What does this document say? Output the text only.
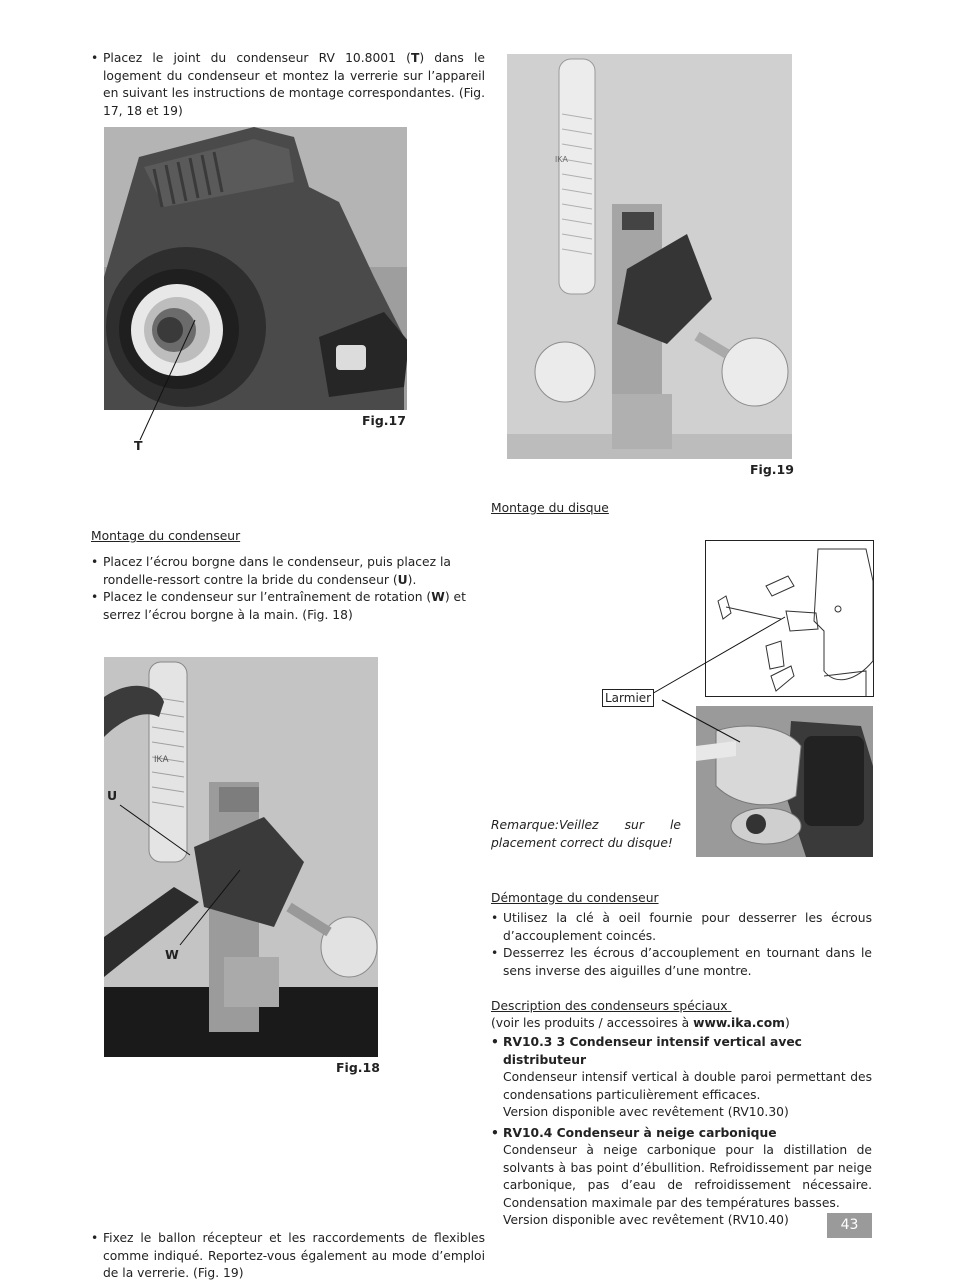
• Placez le joint du condenseur RV 10.8001 (T) dans le logement du condenseur et montez la verrerie sur l’appareil en suivant les instructions de montage correspondantes. (Fig. 17, 18 et 19)
Fig.17
T
Montage du condenseur
• Placez l’écrou borgne dans le condenseur, puis placez la rondelle-ressort contre la bride du condenseur (U).
• Placez le condenseur sur l’entraînement de rotation (W) et serrez l’écrou borgne à la main. (Fig. 18)
IKA
U
W
Fig.18
• Fixez le ballon récepteur et les raccordements de flexibles comme indiqué. Reportez-vous également au mode d’emploi de la verrerie. (Fig. 19)
IKA
Fig.19
Montage du disque
Larmier
Remarque:Veillez sur le placement correct du disque!
Démontage du condenseur
• Utilisez la clé à oeil fournie pour desserrer les écrous d’accouplement coincés.
• Desserrez les écrous d’accouplement en tournant dans le sens inverse des aiguilles d’une montre.
Description des condenseurs spéciaux
(voir les produits / accessoires à www.ika.com)
• RV10.3 3 Condenseur intensif vertical avec distributeur
Condenseur intensif vertical à double paroi permettant des condensations particulièrement efficaces.
Version disponible avec revêtement (RV10.30)
• RV10.4 Condenseur à neige carbonique
Condenseur à neige carbonique pour la distillation de solvants à bas point d’ébullition. Refroidissement par neige carbonique, pas d’eau de refroidissement nécessaire. Condensation maximale par des températures basses.
Version disponible avec revêtement (RV10.40)	43
